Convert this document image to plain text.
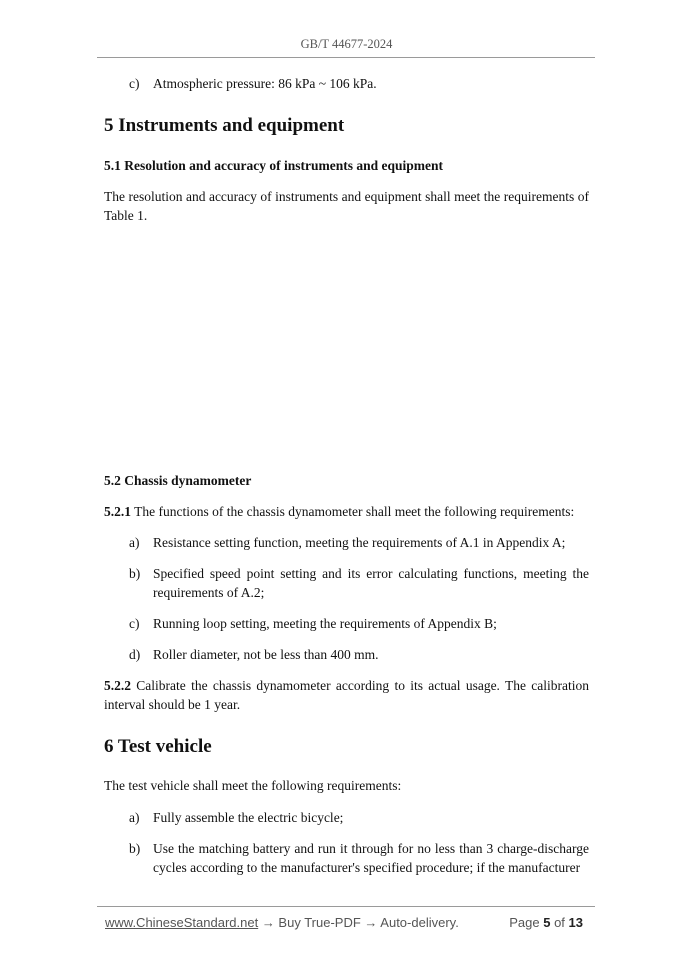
GB/T 44677-2024
c) Atmospheric pressure: 86 kPa ~ 106 kPa.
5 Instruments and equipment
5.1 Resolution and accuracy of instruments and equipment
The resolution and accuracy of instruments and equipment shall meet the requirements of Table 1.
5.2 Chassis dynamometer
5.2.1 The functions of the chassis dynamometer shall meet the following requirements:
a) Resistance setting function, meeting the requirements of A.1 in Appendix A;
b) Specified speed point setting and its error calculating functions, meeting the requirements of A.2;
c) Running loop setting, meeting the requirements of Appendix B;
d) Roller diameter, not be less than 400 mm.
5.2.2 Calibrate the chassis dynamometer according to its actual usage. The calibration interval should be 1 year.
6 Test vehicle
The test vehicle shall meet the following requirements:
a) Fully assemble the electric bicycle;
b) Use the matching battery and run it through for no less than 3 charge-discharge cycles according to the manufacturer's specified procedure; if the manufacturer
www.ChineseStandard.net → Buy True-PDF → Auto-delivery.	Page 5 of 13
